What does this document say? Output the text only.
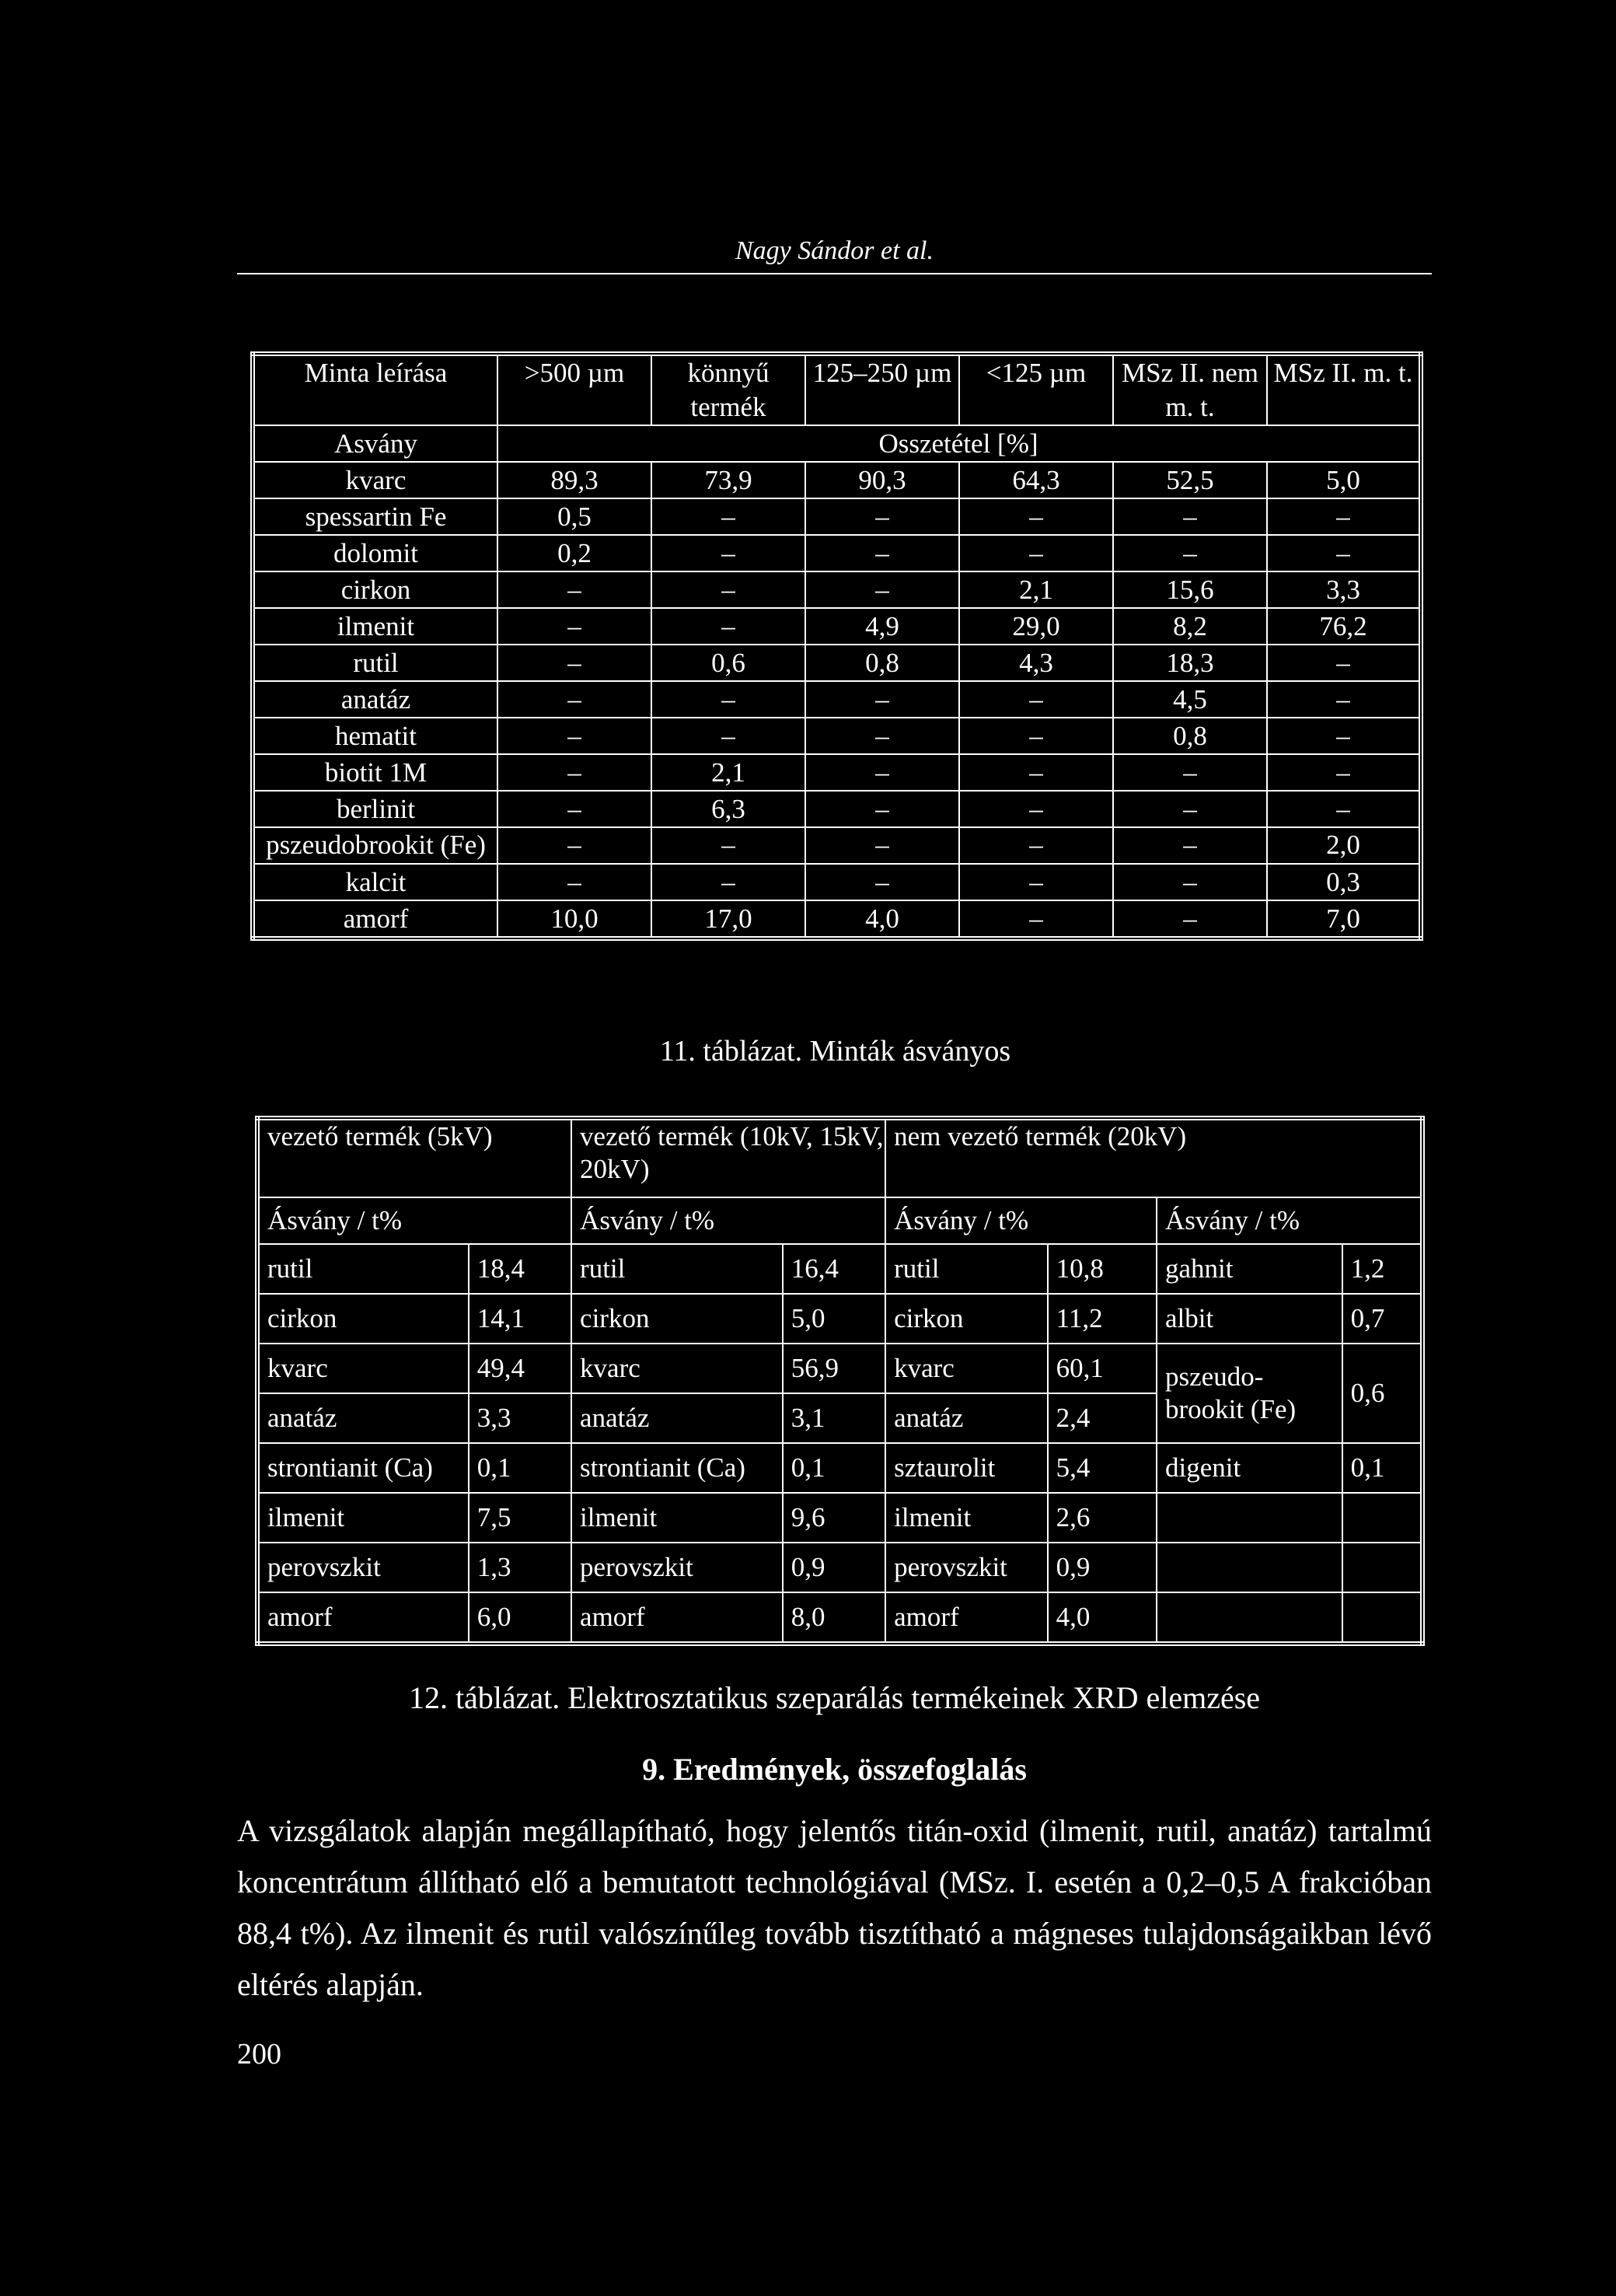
Nagy Sándor et al.
Minta leírása	>500 µm	könnyű termék	125–250 µm	<125 µm	MSz II. nem m. t.	MSz II. m. t.
Asvány	Osszetétel [%]					
kvarc	89,3	73,9	90,3	64,3	52,5	5,0
spessartin Fe	0,5	–	–	–	–	–
dolomit	0,2	–	–	–	–	–
cirkon	–	–	–	2,1	15,6	3,3
ilmenit	–	–	4,9	29,0	8,2	76,2
rutil	–	0,6	0,8	4,3	18,3	–
anatáz	–	–	–	–	4,5	–
hematit	–	–	–	–	0,8	–
biotit 1M	–	2,1	–	–	–	–
berlinit	–	6,3	–	–	–	–
pszeudobrookit (Fe)	–	–	–	–	–	2,0
kalcit	–	–	–	–	–	0,3
amorf	10,0	17,0	4,0	–	–	7,0
11. táblázat. Minták ásványos
vezető termék (5kV)		vezető termék (10kV, 15kV, 20kV)		nem vezető termék (20kV)			
Ásvány / t%		Ásvány / t%		Ásvány / t%		Ásvány / t%	
rutil	18,4	rutil	16,4	rutil	10,8	gahnit	1,2
cirkon	14,1	cirkon	5,0	cirkon	11,2	albit	0,7
kvarc	49,4	kvarc	56,9	kvarc	60,1	pszeudo-brookit (Fe)	0,6
anatáz	3,3	anatáz	3,1	anatáz	2,4		
strontianit (Ca)	0,1	strontianit (Ca)	0,1	sztaurolit	5,4	digenit	0,1
ilmenit	7,5	ilmenit	9,6	ilmenit	2,6		
perovszkit	1,3	perovszkit	0,9	perovszkit	0,9		
amorf	6,0	amorf	8,0	amorf	4,0		
12. táblázat. Elektrosztatikus szeparálás termékeinek XRD elemzése
9. Eredmények, összefoglalás

A vizsgálatok alapján megállapítható, hogy jelentős titán-oxid (ilmenit, rutil, anatáz) tartalmú koncentrátum állítható elő a bemutatott technológiával (MSz. I. esetén a 0,2–0,5 A frakcióban 88,4 t%). Az ilmenit és rutil valószínűleg tovább tisztítható a mágneses tulajdonságaikban lévő eltérés alapján.

200
